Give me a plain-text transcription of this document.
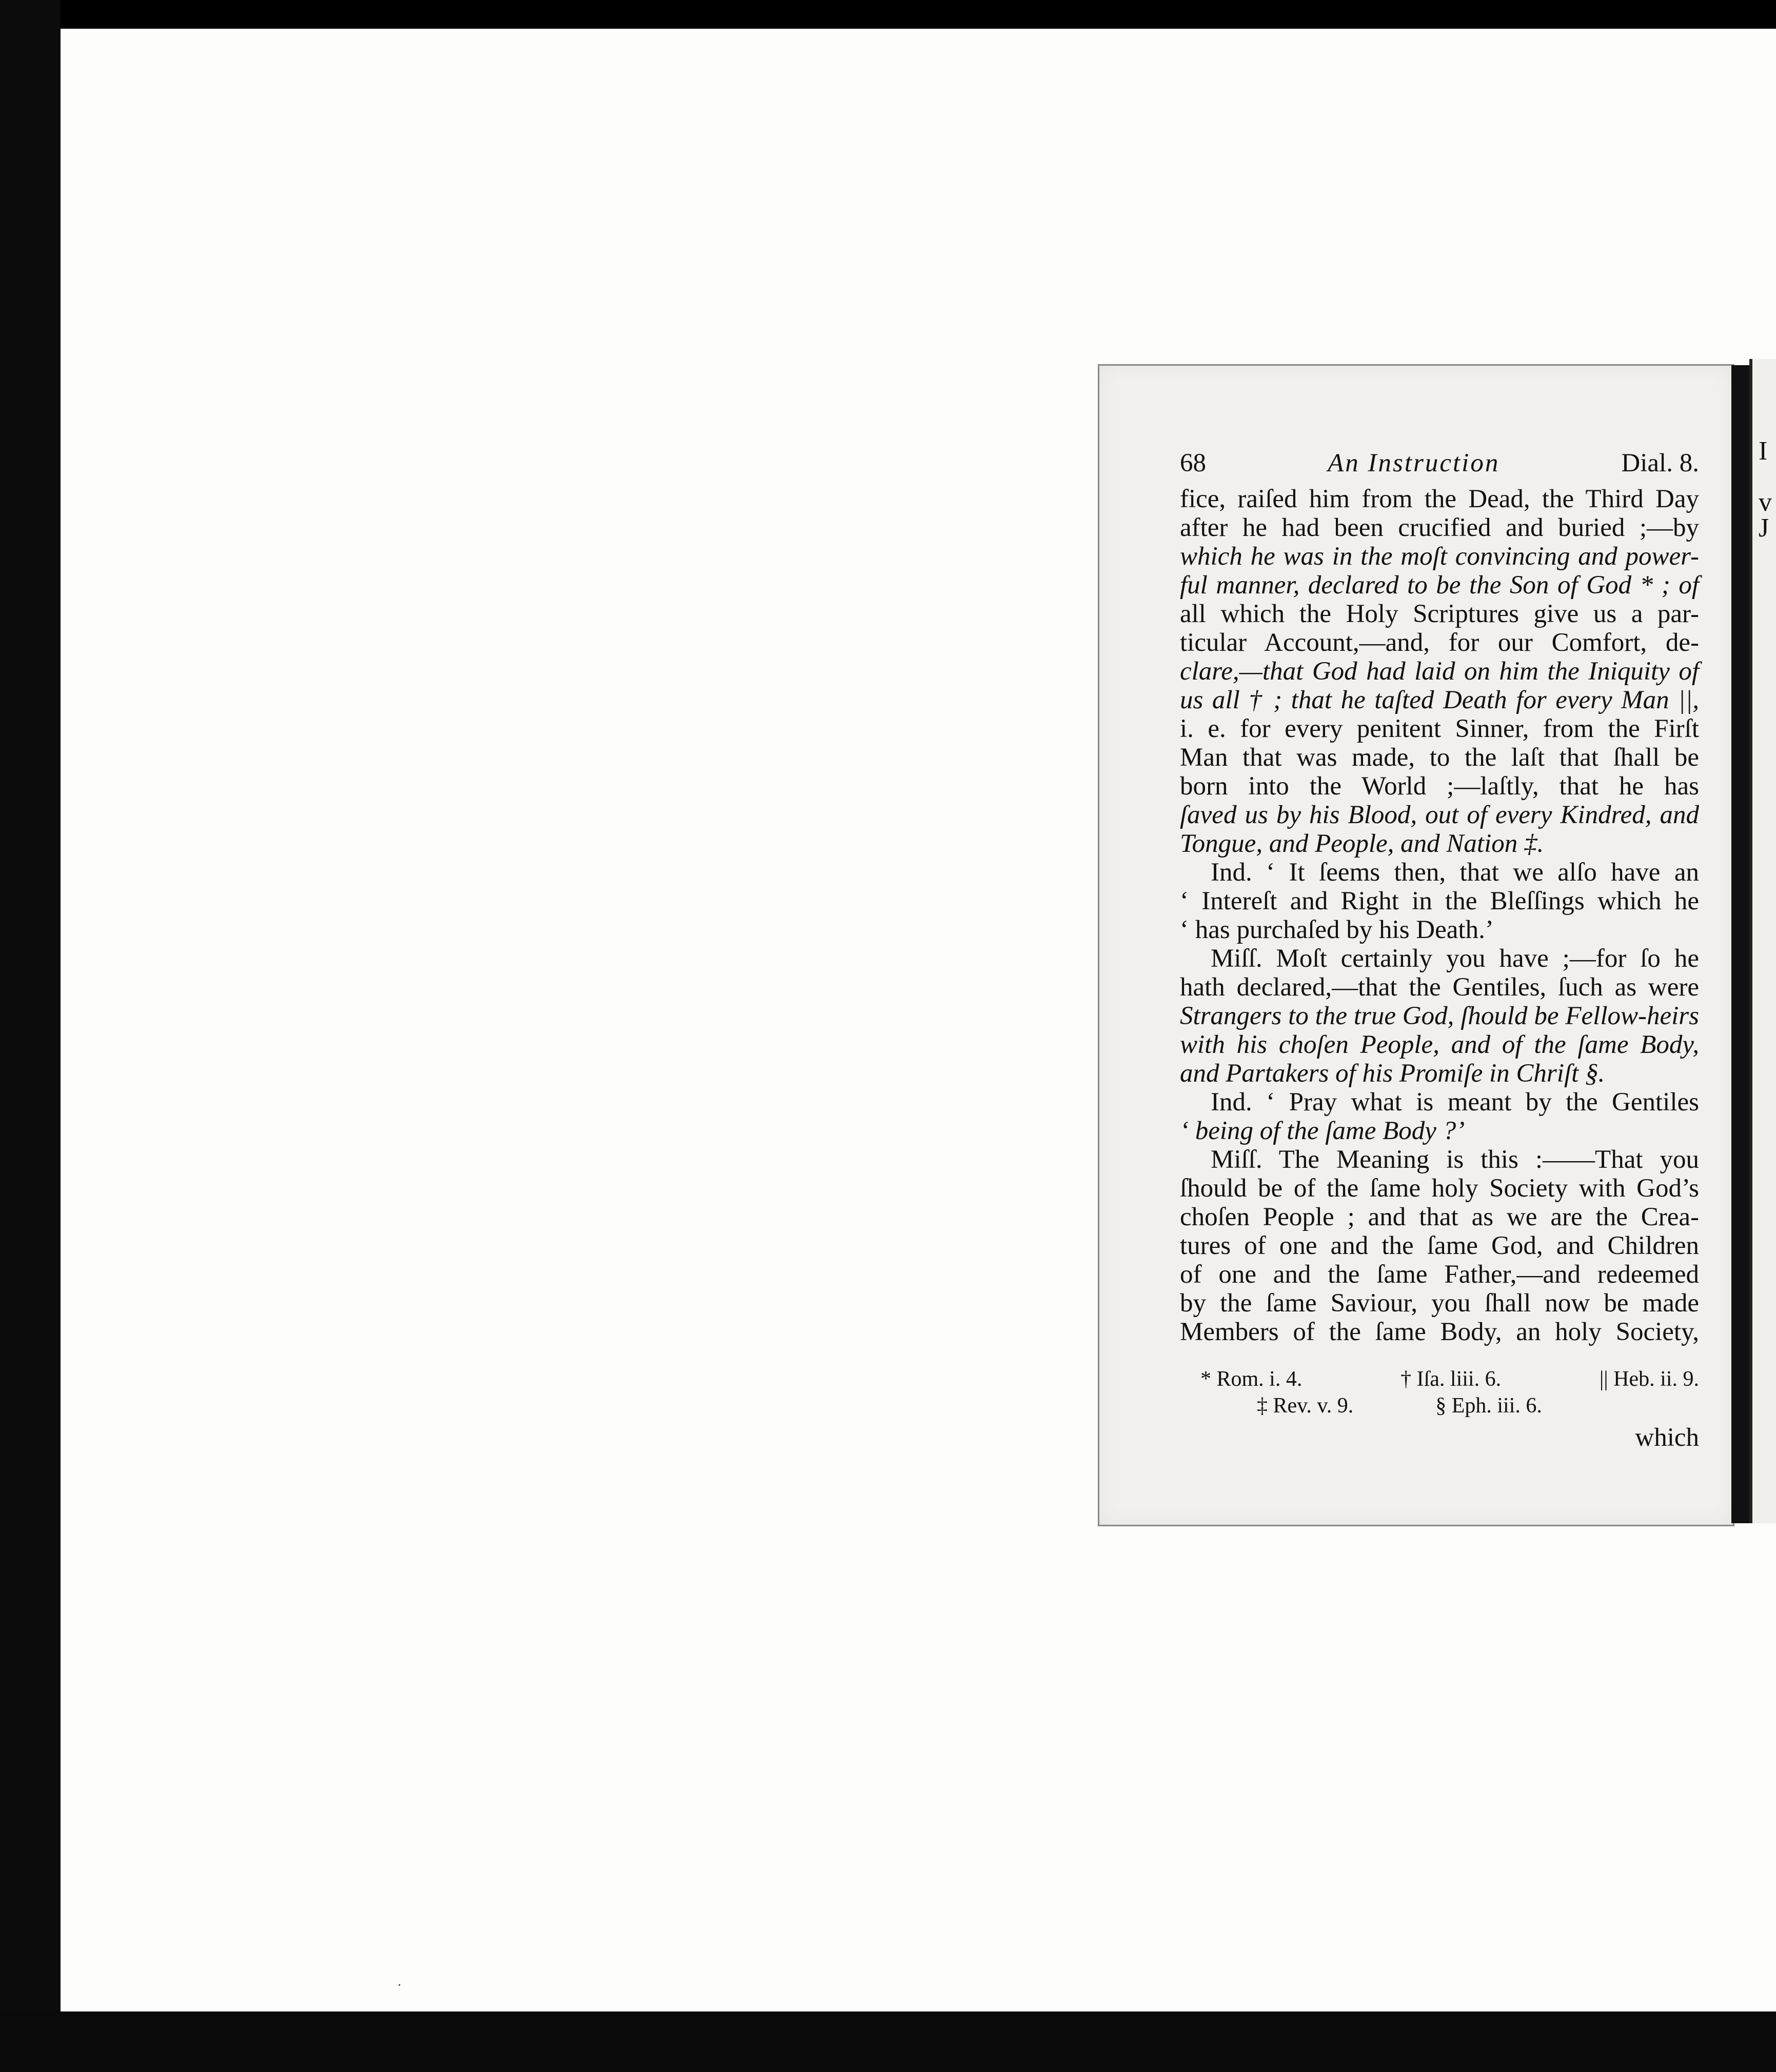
I
v
J
68	An Instruction	Dial. 8.
fice, raiſed him from the Dead, the Third Day
after he had been crucified and buried ;—by
which he was in the moſt convincing and power-
ful manner, declared to be the Son of God * ; of
all which the Holy Scriptures give us a par-
ticular Account,—and, for our Comfort, de-
clare,—that God had laid on him the Iniquity of
us all † ; that he taſted Death for every Man ||,
i. e. for every penitent Sinner, from the Firſt
Man that was made, to the laſt that ſhall be
born into the World ;—laſtly, that he has
ſaved us by his Blood, out of every Kindred, and
Tongue, and People, and Nation ‡.
Ind. ‘ It ſeems then, that we alſo have an
‘ Intereſt and Right in the Bleſſings which he
‘ has purchaſed by his Death.’
Miſſ. Moſt certainly you have ;—for ſo he
hath declared,—that the Gentiles, ſuch as were
Strangers to the true God, ſhould be Fellow-heirs
with his choſen People, and of the ſame Body,
and Partakers of his Promiſe in Chriſt §.
Ind. ‘ Pray what is meant by the Gentiles
‘ being of the ſame Body ?’
Miſſ. The Meaning is this :——That you
ſhould be of the ſame holy Society with God’s
choſen People ; and that as we are the Crea-
tures of one and the ſame God, and Children
of one and the ſame Father,—and redeemed
by the ſame Saviour, you ſhall now be made
Members of the ſame Body, an holy Society,
* Rom. i. 4.	† Iſa. liii. 6.	|| Heb. ii. 9.
‡ Rev. v. 9.	§ Eph. iii. 6.
which
·
